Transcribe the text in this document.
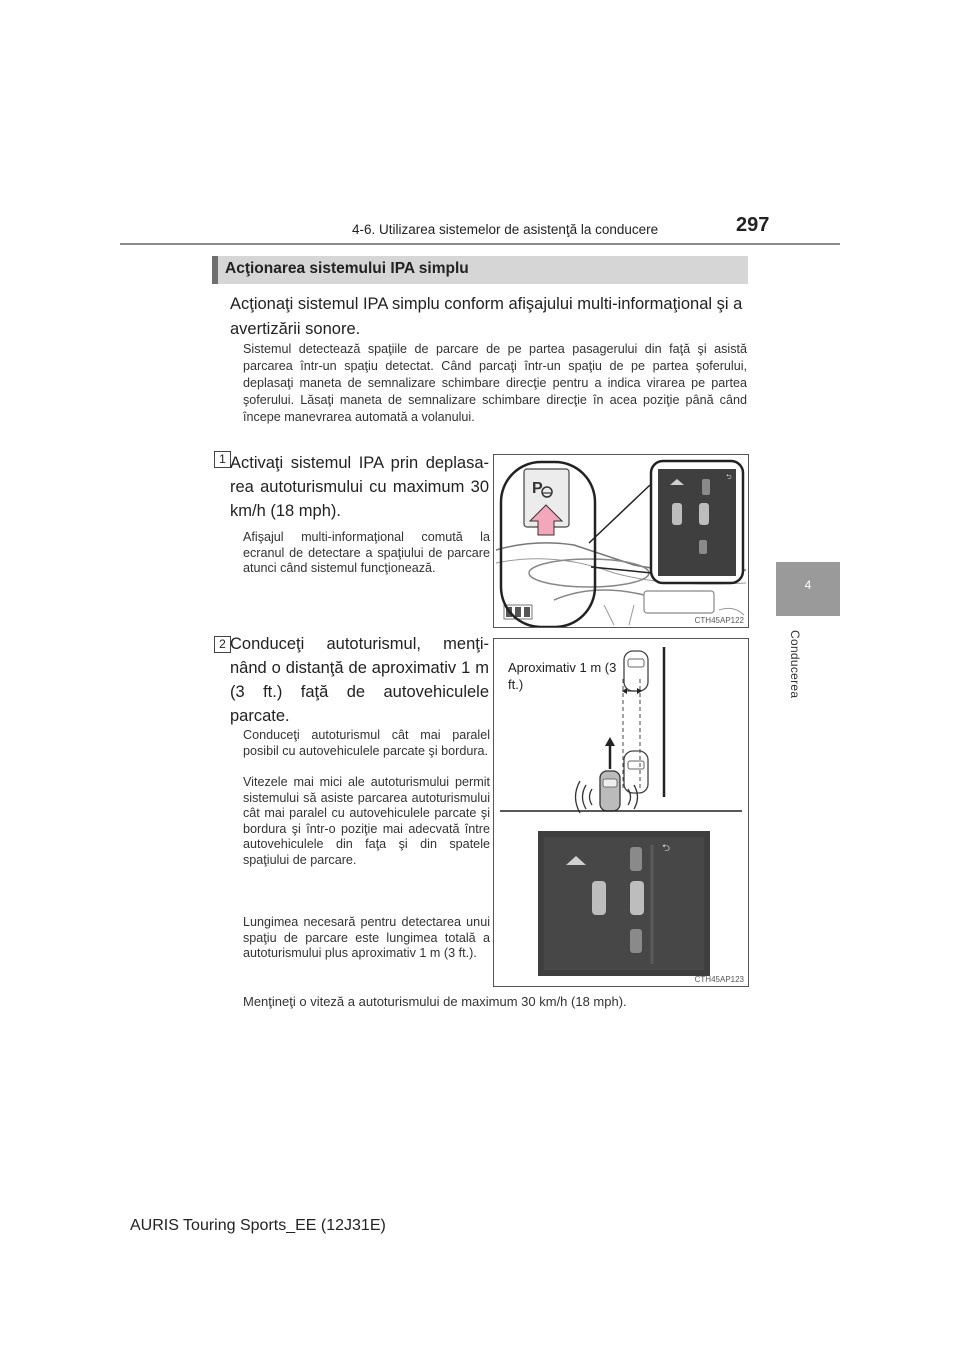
4-6. Utilizarea sistemelor de asistenţă la conducere	297
4
Conducerea
Acţionarea sistemului IPA simplu
Acţionaţi sistemul IPA simplu conform afişajului multi-informaţional şi a avertizării sonore.
Sistemul detectează spaţiile de parcare de pe partea pasagerului din faţă şi asistă parcarea într-un spaţiu detectat. Când parcaţi într-un spaţiu de pe partea şoferului, deplasaţi maneta de semnalizare schimbare direcţie pentru a indica virarea pe partea şoferului. Lăsaţi maneta de semnalizare schimbare direcţie în acea poziţie până când începe manevrarea automată a volanului.
1 Activaţi sistemul IPA prin deplasa-rea autoturismului cu maximum 30 km/h (18 mph).
Afişajul multi-informaţional comută la ecranul de detectare a spaţiului de parcare atunci când sistemul funcţionează.
P
⮌
CTH45AP122
2 Conduceţi autoturismul, menţi-nând o distanţă de aproximativ 1 m (3 ft.) faţă de autovehiculele parcate.
Conduceţi autoturismul cât mai paralel posibil cu autovehiculele parcate şi bordura.
Vitezele mai mici ale autoturismului permit sistemului să asiste parcarea autoturismului cât mai paralel cu autovehiculele parcate şi bordura şi într-o poziţie mai adecvată între autovehiculele din faţa şi din spatele spaţiului de parcare.
Lungimea necesară pentru detectarea unui spaţiu de parcare este lungimea totală a autoturismului plus aproximativ 1 m (3 ft.).
⮌
Aproximativ 1 m (3 ft.)
CTH45AP123
Menţineţi o viteză a autoturismului de maximum 30 km/h (18 mph).
AURIS Touring Sports_EE (12J31E)
